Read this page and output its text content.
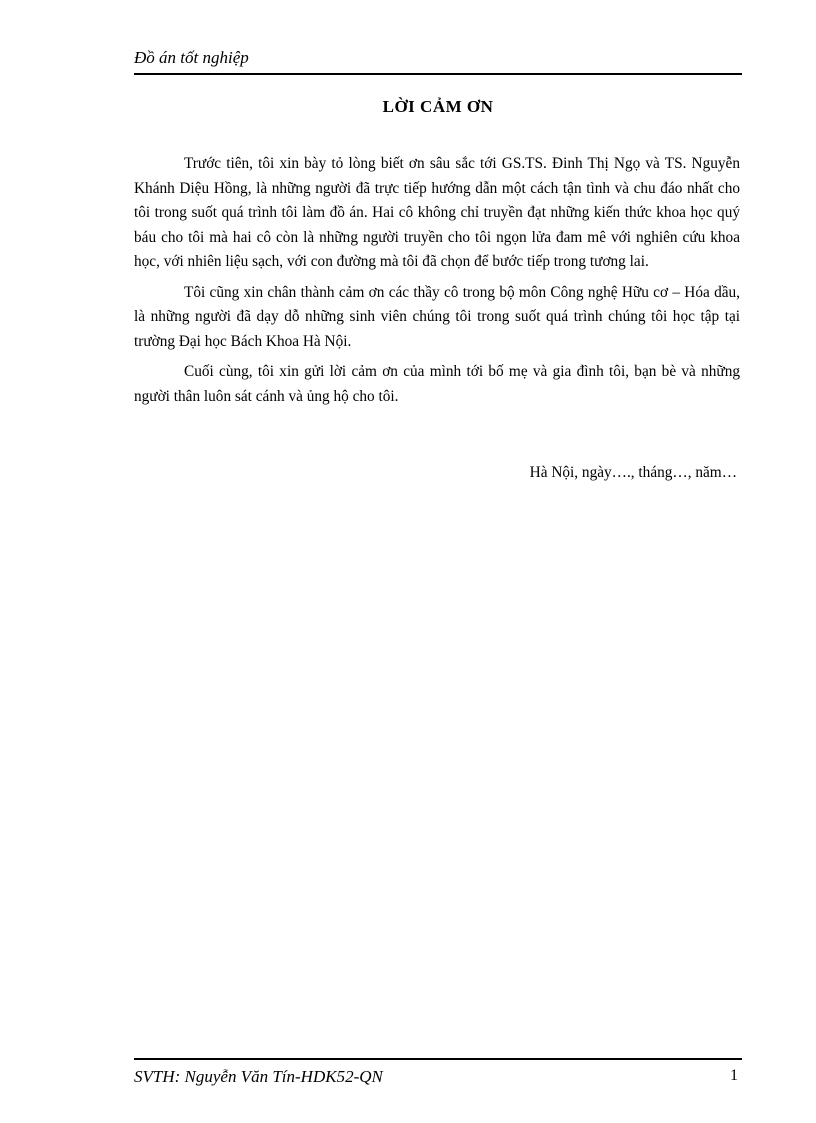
Đồ án tốt nghiệp
LỜI CẢM ƠN

Trước tiên, tôi xin bày tỏ lòng biết ơn sâu sắc tới GS.TS. Đinh Thị Ngọ và TS. Nguyễn Khánh Diệu Hồng, là những người đã trực tiếp hướng dẫn một cách tận tình và chu đáo nhất cho tôi trong suốt quá trình tôi làm đồ án. Hai cô không chỉ truyền đạt những kiến thức khoa học quý báu cho tôi mà hai cô còn là những người truyền cho tôi ngọn lửa đam mê với nghiên cứu khoa học, với nhiên liệu sạch, với con đường mà tôi đã chọn để bước tiếp trong tương lai.

Tôi cũng xin chân thành cảm ơn các thầy cô trong bộ môn Công nghệ Hữu cơ – Hóa dầu, là những người đã dạy dỗ những sinh viên chúng tôi trong suốt quá trình chúng tôi học tập tại trường Đại học Bách Khoa Hà Nội.

Cuối cùng, tôi xin gửi lời cảm ơn của mình tới bố mẹ và gia đình tôi, bạn bè và những người thân luôn sát cánh và ủng hộ cho tôi.

Hà Nội, ngày…., tháng…, năm…
SVTH: Nguyễn Văn Tín-HDK52-QN	1
